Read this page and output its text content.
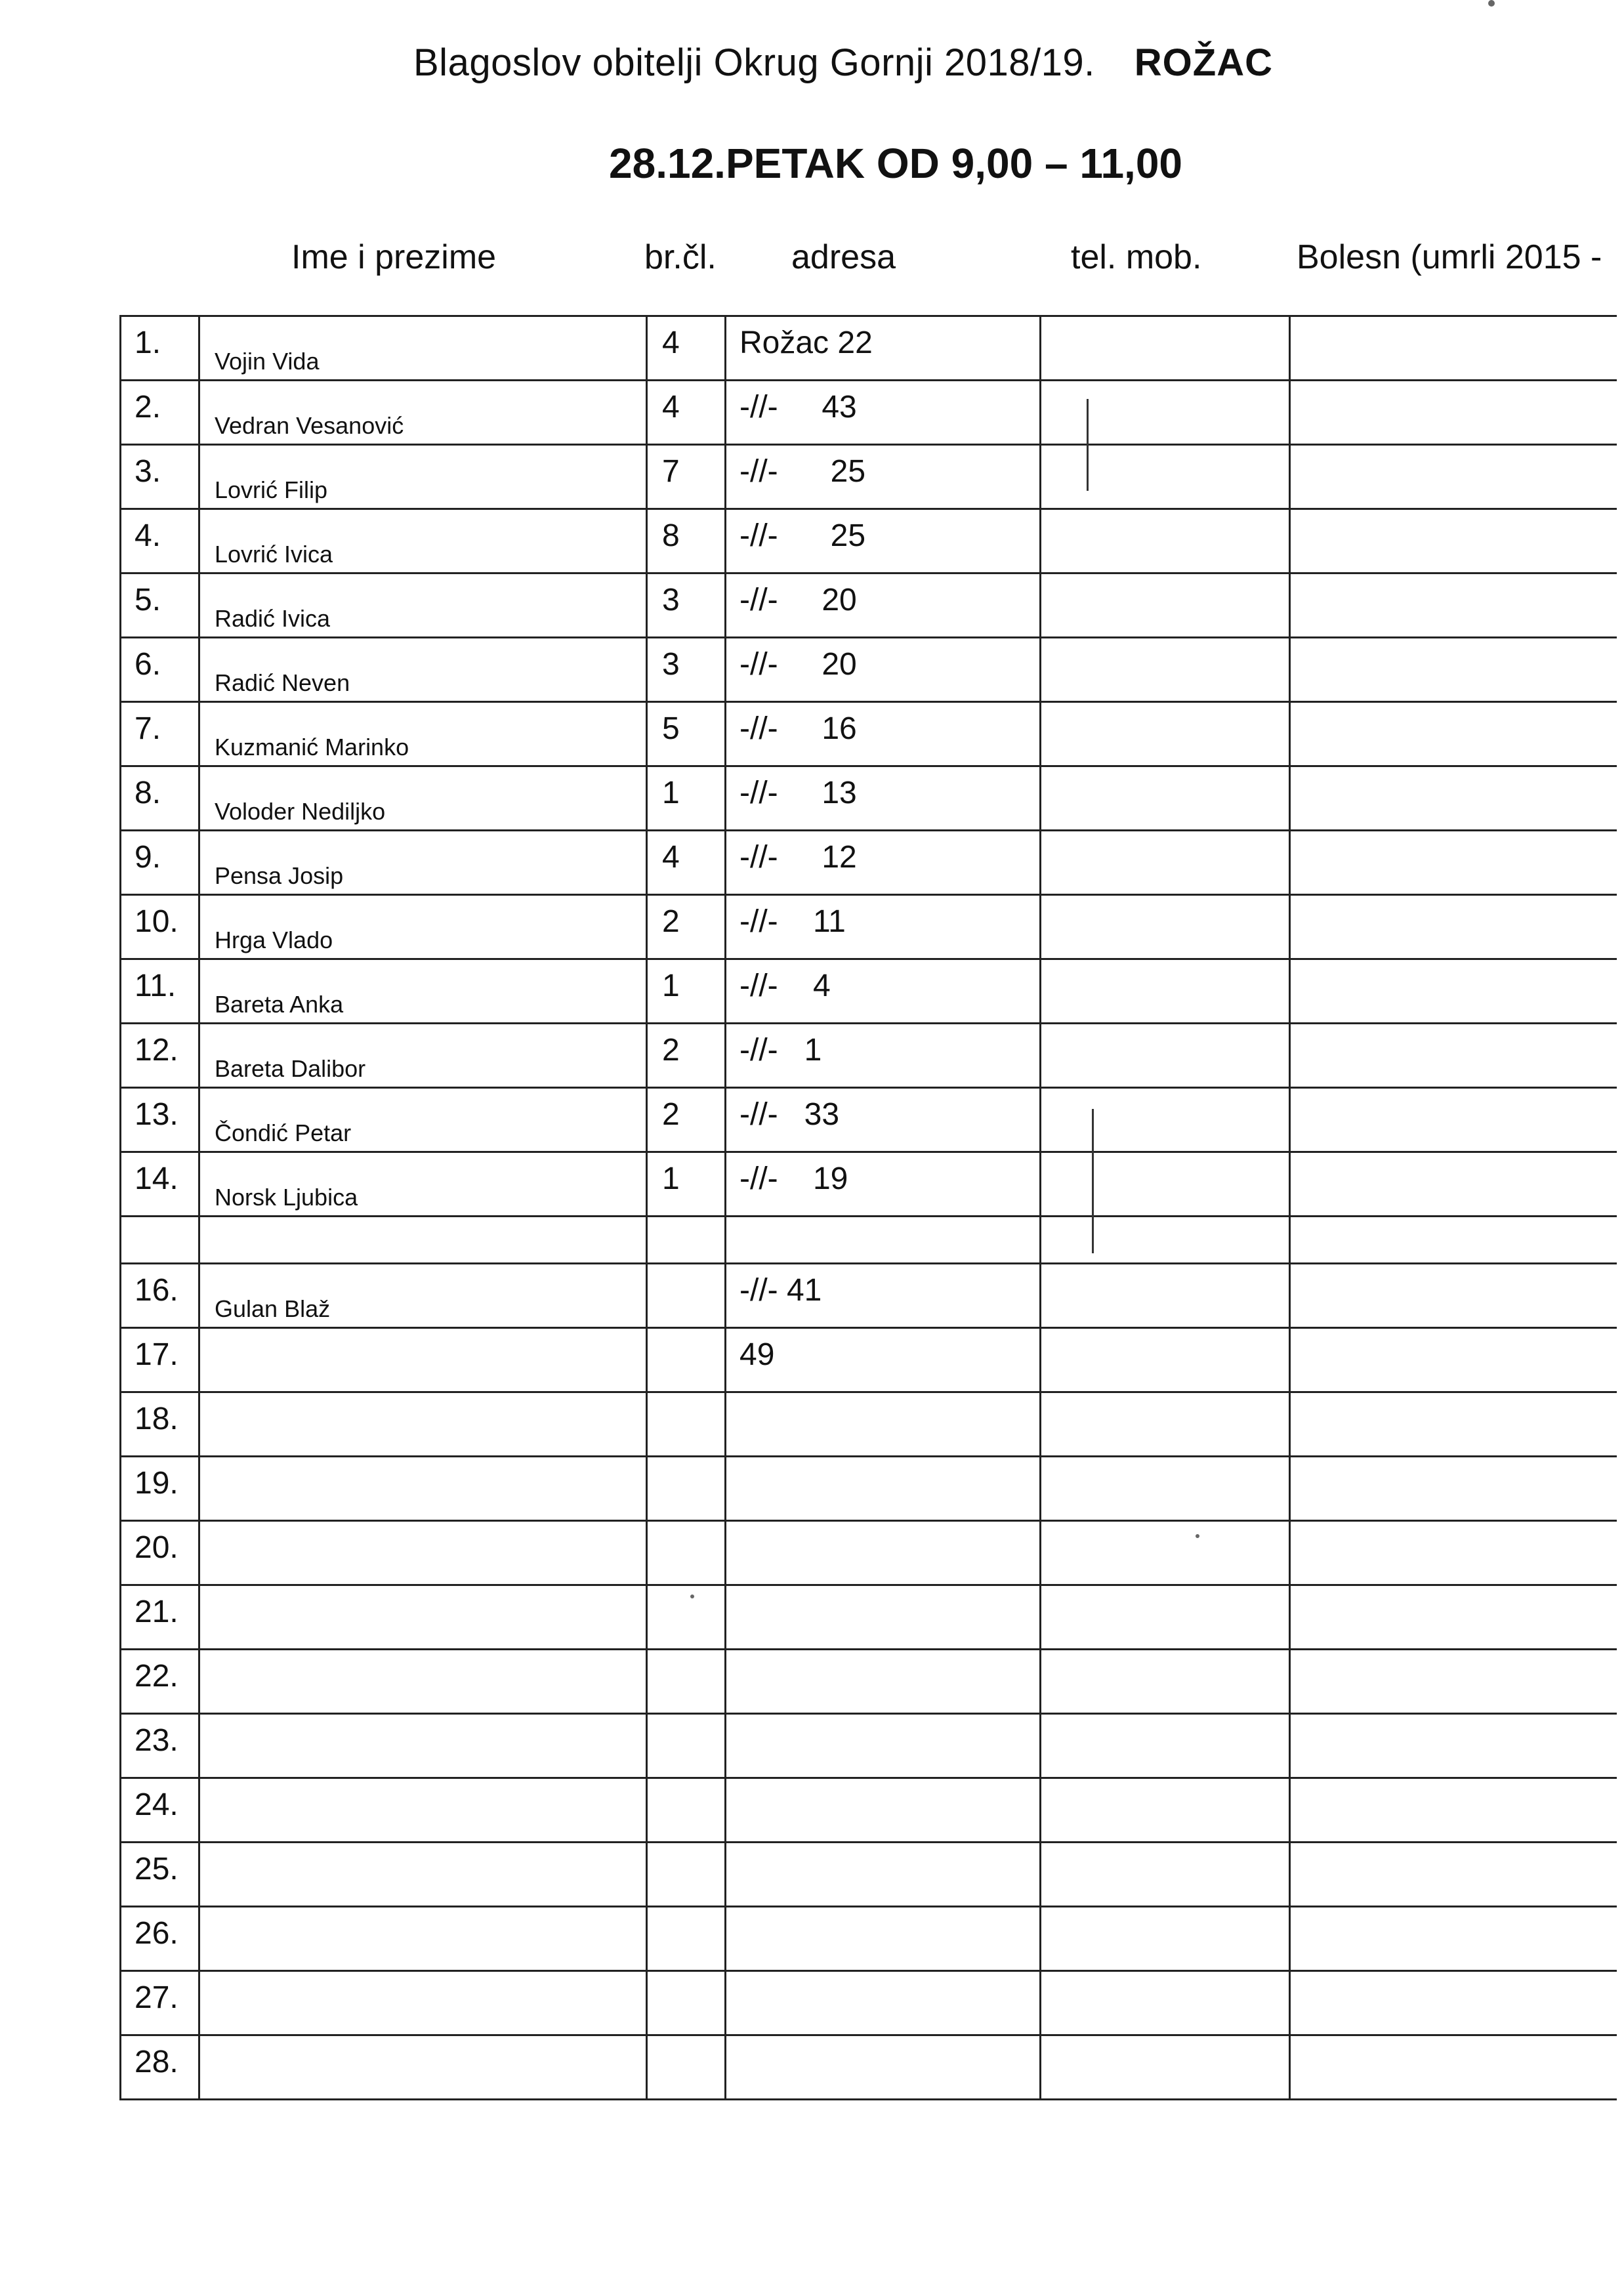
Blagoslov obitelji Okrug Gornji 2018/19. ROŽAC
28.12.PETAK OD 9,00 – 11,00
Ime i prezime	br.čl. adresa	tel. mob.	Bolesn (umrli 2015 -
1.	Vojin Vida	4	Rožac 22		

2.	Vedran Vesanović	4	-//-     43		

3.	Lovrić Filip	7	-//-      25		

4.	Lovrić Ivica	8	-//-      25		

5.	Radić Ivica	3	-//-     20		

6.	Radić Neven	3	-//-     20		

7.	Kuzmanić Marinko	5	-//-     16		

8.	Voloder Nediljko	1	-//-     13		

9.	Pensa Josip	4	-//-     12		

10.	Hrga Vlado	2	-//-    11		

11.	Bareta Anka	1	-//-    4		

12.	Bareta Dalibor	2	-//-   1		

13.	Čondić Petar	2	-//-   33		

14.	Norsk Ljubica	1	-//-    19		

16.	Gulan Blaž		-//- 41		

17.			49		

18.					

19.					

20.					

21.					

22.					

23.					

24.					

25.					

26.					

27.					

28.					
